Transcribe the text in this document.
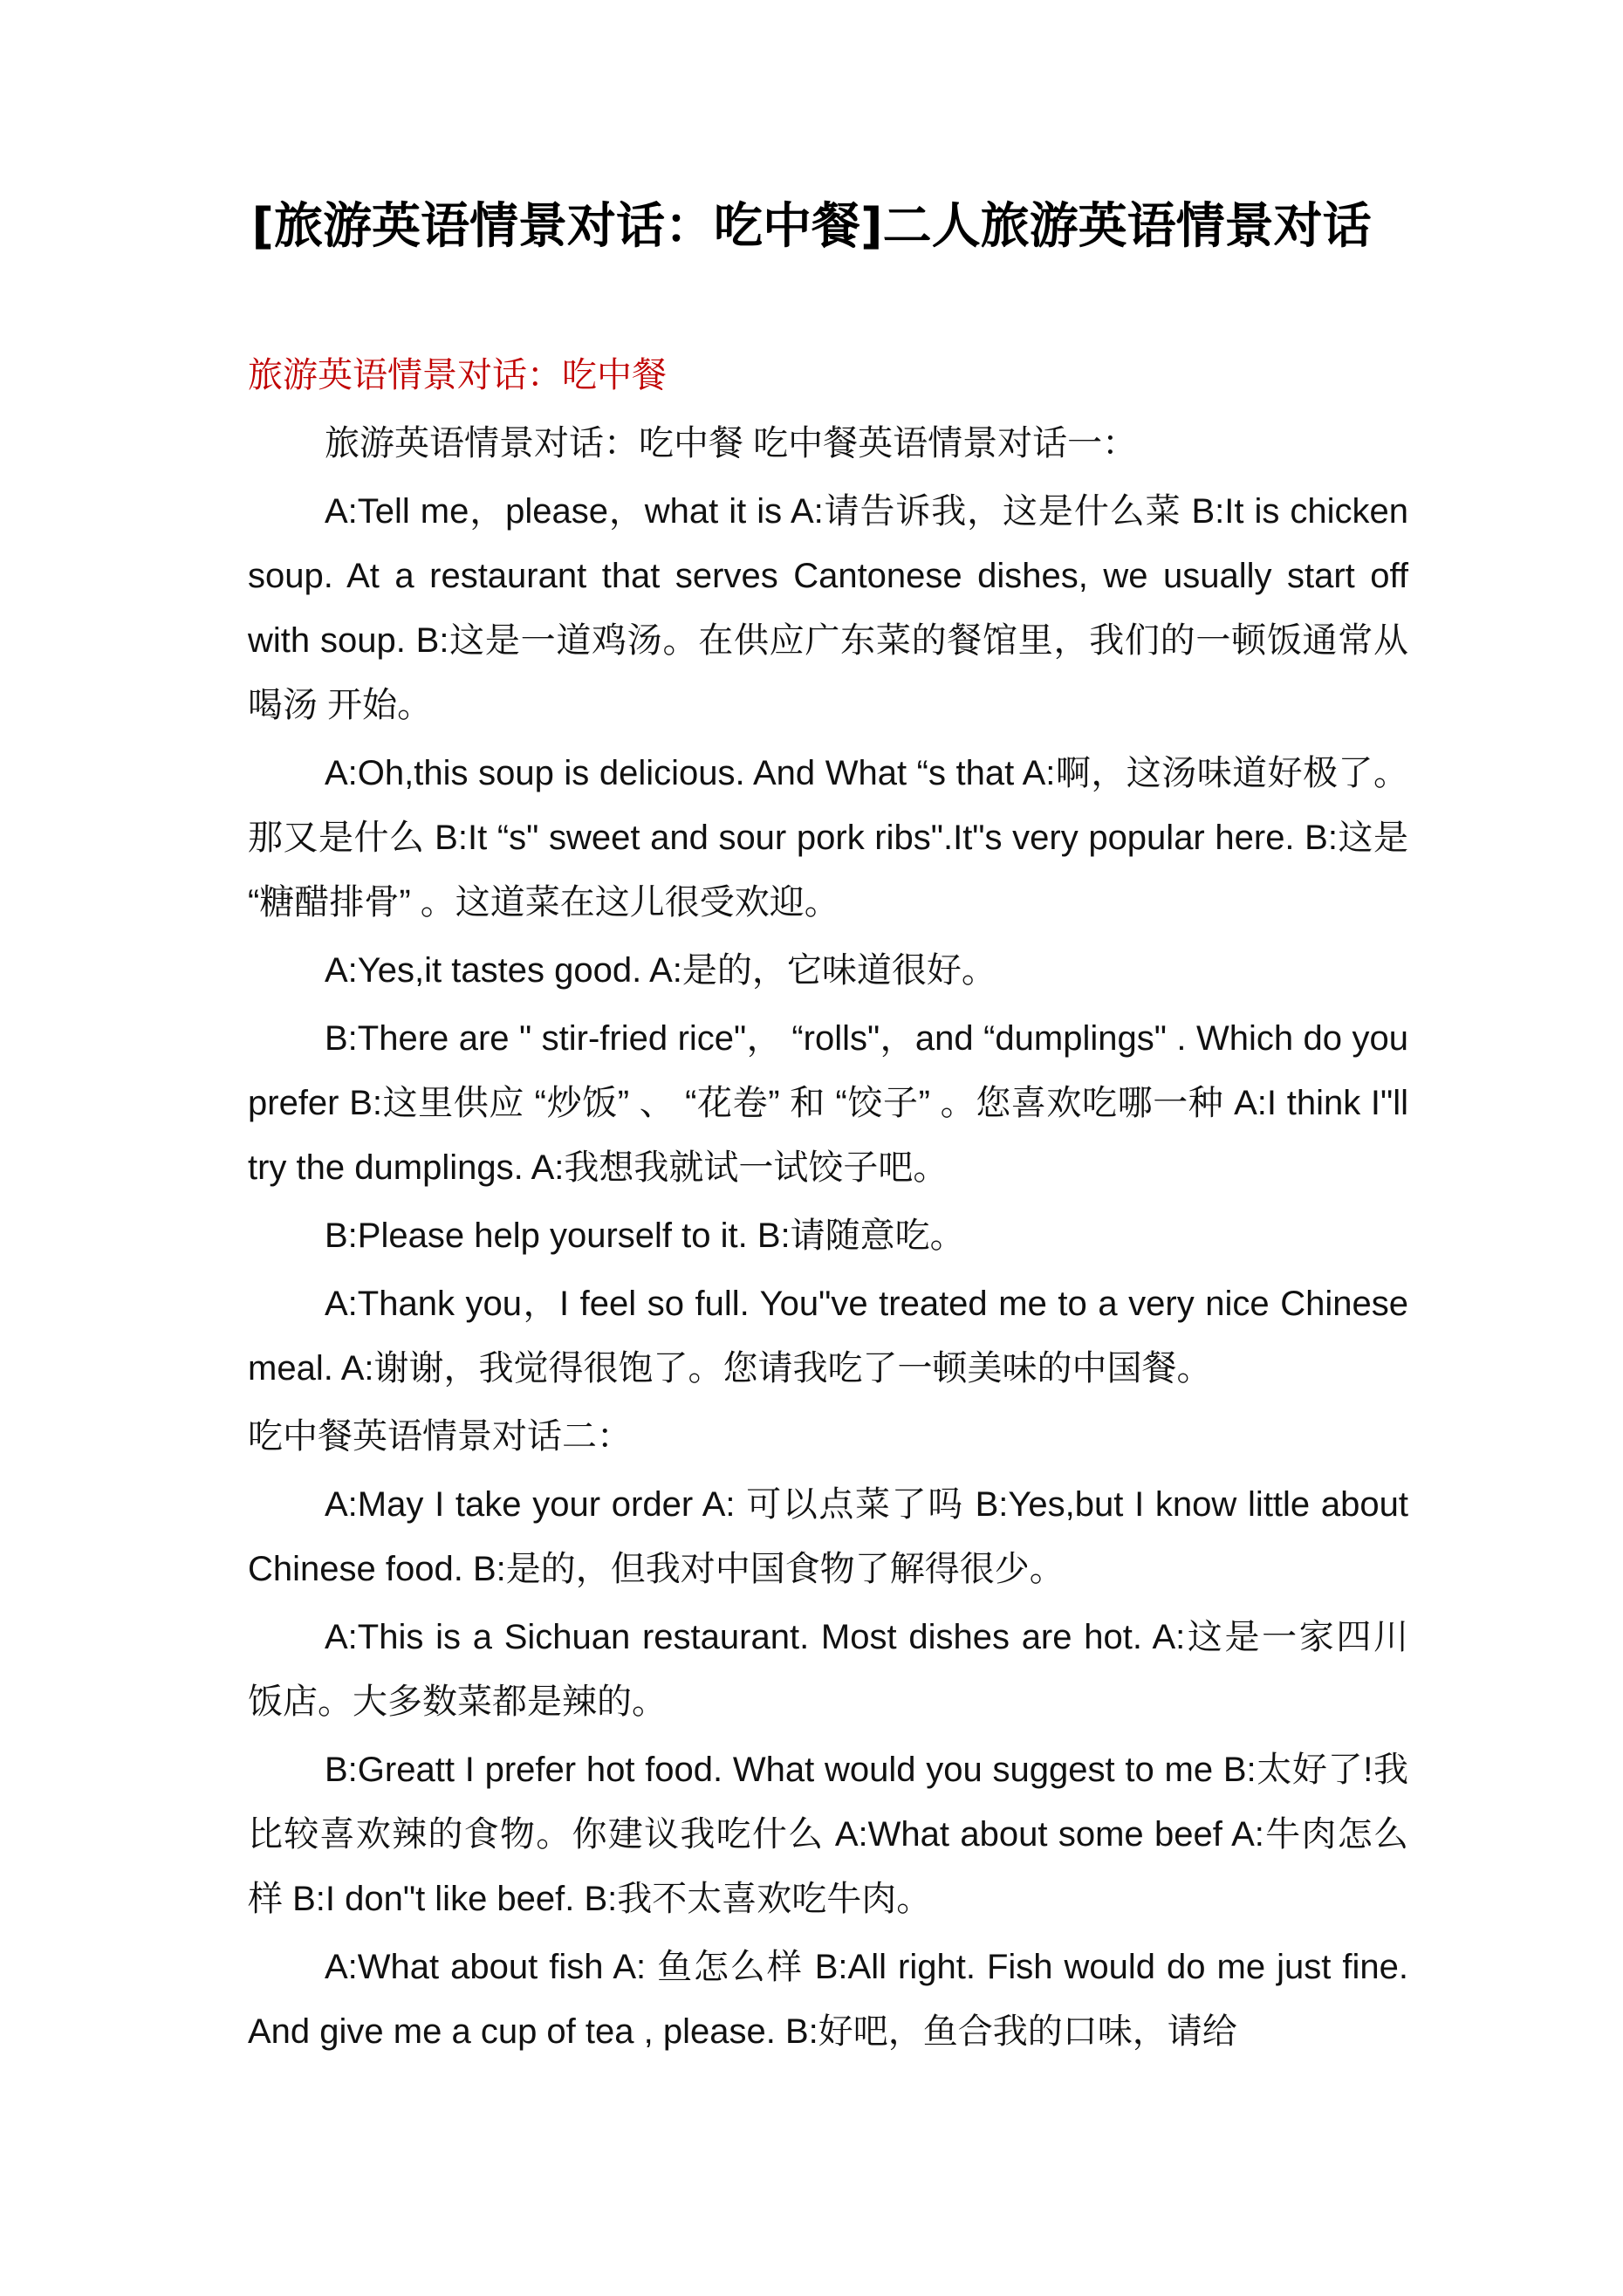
[旅游英语情景对话：吃中餐]二人旅游英语情景对话

旅游英语情景对话：吃中餐

旅游英语情景对话：吃中餐 吃中餐英语情景对话一：

A:Tell me，please，what it is A:请告诉我，这是什么菜 B:It is chicken soup. At a restaurant that serves Cantonese dishes, we usually start off with soup. B:这是一道鸡汤。在供应广东菜的餐馆里，我们的一顿饭通常从喝汤 开始。

A:Oh,this soup is delicious. And What “s that A:啊，这汤味道好极了。那又是什么 B:It “s" sweet and sour pork ribs".It"s very popular here. B:这是 “糖醋排骨” 。这道菜在这儿很受欢迎。

A:Yes,it tastes good. A:是的，它味道很好。

B:There are " stir-fried rice"， “rolls"，and “dumplings" . Which do you prefer B:这里供应 “炒饭” 、 “花卷” 和 “饺子” 。您喜欢吃哪一种 A:I think I"ll try the dumplings. A:我想我就试一试饺子吧。

B:Please help yourself to it. B:请随意吃。

A:Thank you，I feel so full. You"ve treated me to a very nice Chinese meal. A:谢谢，我觉得很饱了。您请我吃了一顿美味的中国餐。

吃中餐英语情景对话二：

A:May I take your order A: 可以点菜了吗 B:Yes,but I know little about Chinese food. B:是的，但我对中国食物了解得很少。

A:This is a Sichuan restaurant. Most dishes are hot. A:这是一家四川饭店。大多数菜都是辣的。

B:Greatt I prefer hot food. What would you suggest to me B:太好了!我比较喜欢辣的食物。你建议我吃什么 A:What about some beef A:牛肉怎么样 B:I don"t like beef. B:我不太喜欢吃牛肉。

A:What about fish A: 鱼怎么样 B:All right. Fish would do me just fine. And give me a cup of tea , please. B:好吧，鱼合我的口味，请给
